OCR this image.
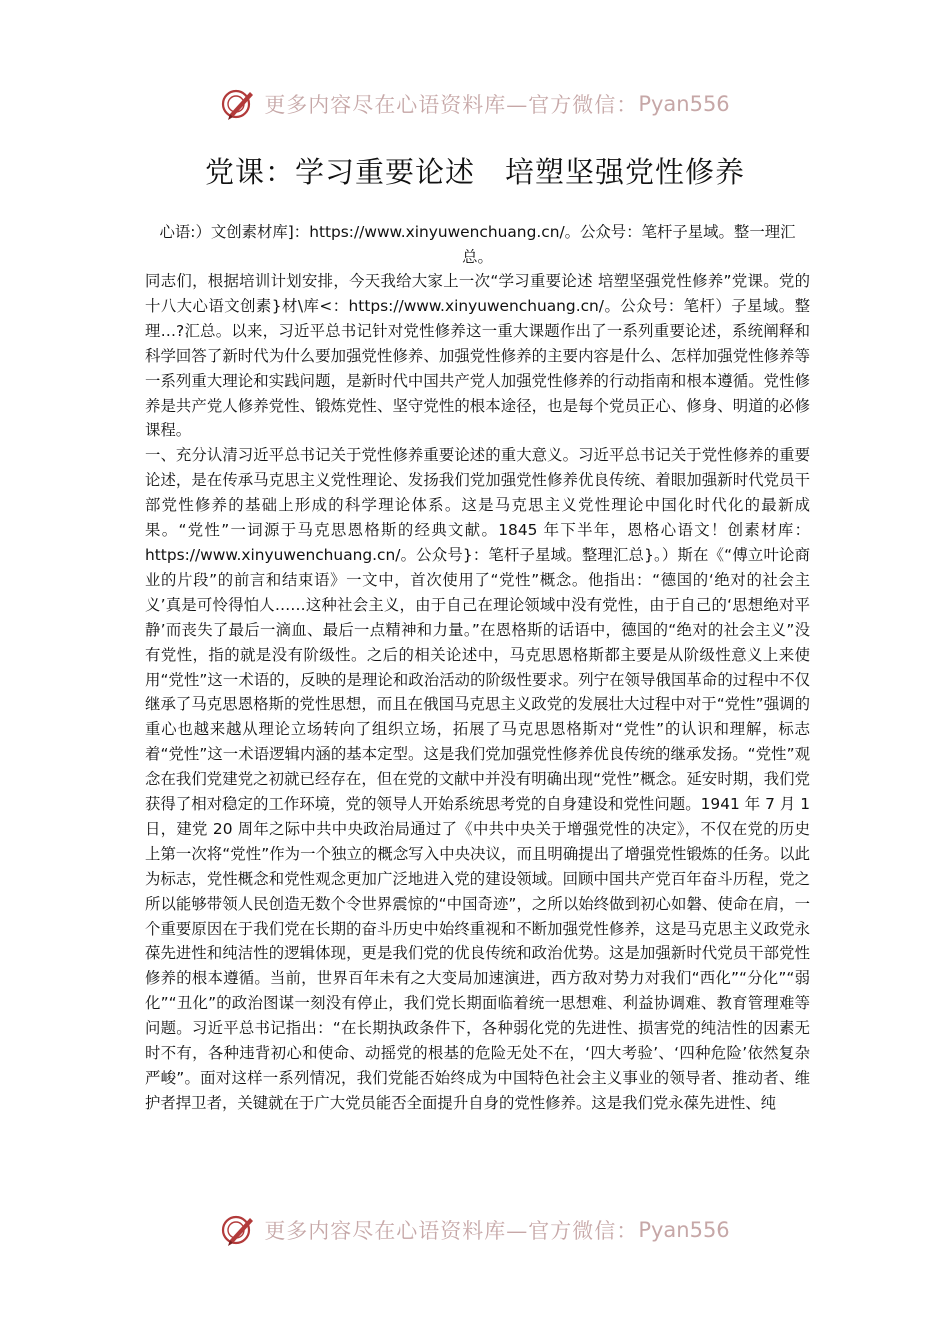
更多内容尽在心语资料库—官方微信： Pyan556
党课：学习重要论述　培塑坚强党性修养
心语:）文创素材库]：https://www.xinyuwenchuang.cn/。公众号：笔杆子星域。整一理汇总。

同志们，根据培训计划安排，今天我给大家上一次“学习重要论述 培塑坚强党性修养”党课。党的十八大心语文创素}材\库<：https://www.xinyuwenchuang.cn/。公众号：笔杆）子星域。整理…?汇总。以来，习近平总书记针对党性修养这一重大课题作出了一系列重要论述，系统阐释和科学回答了新时代为什么要加强党性修养、加强党性修养的主要内容是什么、怎样加强党性修养等一系列重大理论和实践问题，是新时代中国共产党人加强党性修养的行动指南和根本遵循。党性修养是共产党人修养党性、锻炼党性、坚守党性的根本途径，也是每个党员正心、修身、明道的必修课程。

一、充分认清习近平总书记关于党性修养重要论述的重大意义。习近平总书记关于党性修养的重要论述，是在传承马克思主义党性理论、发扬我们党加强党性修养优良传统、着眼加强新时代党员干部党性修养的基础上形成的科学理论体系。这是马克思主义党性理论中国化时代化的最新成果。“党性”一词源于马克思恩格斯的经典文献。1845 年下半年，恩格心语文！创素材库：https://www.xinyuwenchuang.cn/。公众号}：笔杆子星域。整理汇总}。）斯在《“傅立叶论商业的片段”的前言和结束语》一文中，首次使用了“党性”概念。他指出：“德国的‘绝对的社会主义’真是可怜得怕人……这种社会主义，由于自己在理论领域中没有党性，由于自己的‘思想绝对平静’而丧失了最后一滴血、最后一点精神和力量。”在恩格斯的话语中，德国的“绝对的社会主义”没有党性，指的就是没有阶级性。之后的相关论述中，马克思恩格斯都主要是从阶级性意义上来使用“党性”这一术语的，反映的是理论和政治活动的阶级性要求。列宁在领导俄国革命的过程中不仅继承了马克思恩格斯的党性思想，而且在俄国马克思主义政党的发展壮大过程中对于“党性”强调的重心也越来越从理论立场转向了组织立场，拓展了马克思恩格斯对“党性”的认识和理解，标志着“党性”这一术语逻辑内涵的基本定型。这是我们党加强党性修养优良传统的继承发扬。“党性”观念在我们党建党之初就已经存在，但在党的文献中并没有明确出现“党性”概念。延安时期，我们党获得了相对稳定的工作环境，党的领导人开始系统思考党的自身建设和党性问题。1941 年 7 月 1 日，建党 20 周年之际中共中央政治局通过了《中共中央关于增强党性的决定》，不仅在党的历史上第一次将“党性”作为一个独立的概念写入中央决议，而且明确提出了增强党性锻炼的任务。以此为标志，党性概念和党性观念更加广泛地进入党的建设领域。回顾中国共产党百年奋斗历程，党之所以能够带领人民创造无数个令世界震惊的“中国奇迹”，之所以始终做到初心如磐、使命在肩，一个重要原因在于我们党在长期的奋斗历史中始终重视和不断加强党性修养，这是马克思主义政党永葆先进性和纯洁性的逻辑体现，更是我们党的优良传统和政治优势。这是加强新时代党员干部党性修养的根本遵循。当前，世界百年未有之大变局加速演进，西方敌对势力对我们“西化”“分化”“弱化”“丑化”的政治图谋一刻没有停止，我们党长期面临着统一思想难、利益协调难、教育管理难等问题。习近平总书记指出：“在长期执政条件下，各种弱化党的先进性、损害党的纯洁性的因素无时不有，各种违背初心和使命、动摇党的根基的危险无处不在，‘四大考验’、‘四种危险’依然复杂严峻”。面对这样一系列情况，我们党能否始终成为中国特色社会主义事业的领导者、推动者、维护者捍卫者，关键就在于广大党员能否全面提升自身的党性修养。这是我们党永葆先进性、纯

更多内容尽在心语资料库—官方微信： Pyan556
